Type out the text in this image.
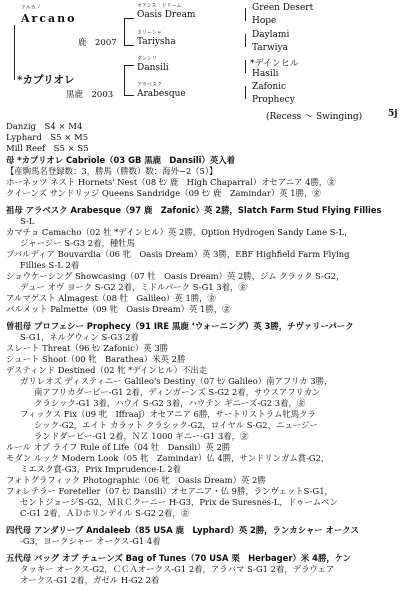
アルカノ
Arcano
鹿　2007
*カプリオレ
黒鹿　2003
オアシス　ドリーム
Oasis Dream
タリーシャ
Tariysha
ダンシリ
Dansili
アラベスク
Arabesque
Green Desert
Hope
Daylami
Tarwiya
*デインヒル
Hasili
Zafonic
Prophecy
(Recess ～ Swinging)	5j
Danzig　S4 × M4
Lyphard　S5 × M5
Mill Reef　S5 × S5

母 *カプリオレ Cabriole（03 GB 黒鹿　Dansili）英入着

【産駒馬名登録数：3，勝馬（勝数）数：海外−2（5）】

ホーネッツ ネスト Hornets' Nest（08 ｾﾝ 鹿　High Chaparral）オセアニア 4勝，㊎

クイーンズ サンドリッジ Queens Sandridge（09 ｾﾝ 鹿　Zamindar）英 1勝，㊎

祖母 アラベスク Arabesque（97 鹿　Zafonic）英 2勝，Slatch Farm Stud Flying Fillies

S-L

カマチョ Camacho（02 牡 *デインヒル）英 2勝，Option Hydrogen Sandy Lane S-L，

ジャージー S-G3 2着，種牡馬

ブバルディア Bouvardia（06 牝　Oasis Dream）英 3勝，EBF Highfield Farm Flying

Fillies S-L 2着

ショウケーシング Showcasing（07 牡　Oasis Dream）英 2勝，ジム クラック S-G2，

デュー オヴ ヨーク S-G2 2着，ミドルパーク S-G1 3着，㊎

アルマゲスト Almagest（08 牡　Galileo）英 1勝，㊎

パルメット Palmette（09 牝　Oasis Dream）英 1勝，㊎

曽祖母 プロフェシー Prophecy（91 IRE 黒鹿 ‘ウォーニング）英 3勝，チヴァリーパーク

S-G1，ネルグウィン S-G3 2着

スレート Threat（96 ｾﾝ Zafonic）英 3勝

シュート Shoot（00 牝　Barathea）米英 2勝

デスティンド Destined（02 牝 *デインヒル）不出走

ガリレオズ ディスティニー Galileo's Destiny（07 ｾﾝ Galileo）南アフリカ 3勝，

南アフリカダービー-G1 2着，ディンガーンズ S-G2 2着，サウスアフリカン

クラシック-G1 3着，ハウイ S-G2 3着，ハウテン ギニーズ-G2 3着，㊎

フィックス Fix（09 牝　Iffraaj）オセアニア 6勝，サートリストラム牝馬クラ

シック-G2，エイト カラット クラシック-G2，ロイヤル S-G2，ニュージー

ランドダービー-G1 2着，ＮＺ 1000 ギニー-G1 3着，㊎

ルール オブ ライフ Rule of Life（04 牡　Dansili）英 2勝

モダン ルック Modern Look（05 牝　Zamindar）仏 4勝，サンドリンガム賞-G2，

ミエスク賞-G3，Prix Imprudence-L 2着

フォトグラフィック Photographic（06 牝　Oasis Dream）英 2勝

フォレテラー Foreteller（07 ｾﾝ Dansili）オセアニア・仏 9勝，ランヴェットS-G1，

セントジョージS-G2，ＭＲＣクーニー H-G3，Prix de Suresnes-L，ドゥームベン

C-G1 2着，ＡＤホリンデイル S-G2 2着，㊎

四代母 アンダリーブ Andaleeb（85 USA 鹿　Lyphard）英 2勝，ランカシャー オークス

-G3，ヨークシャー オークス-G1 4着

五代母 バッグ オブ チューンズ Bag of Tunes（70 USA 栗　Herbager）米 4勝，ケン

タッキー オークス-G2，ＣＣＡオークス-G1 2着，アラバマ S-G1 2着，デラウェア

オークス-G1 2着，ガゼル H-G2 2着
